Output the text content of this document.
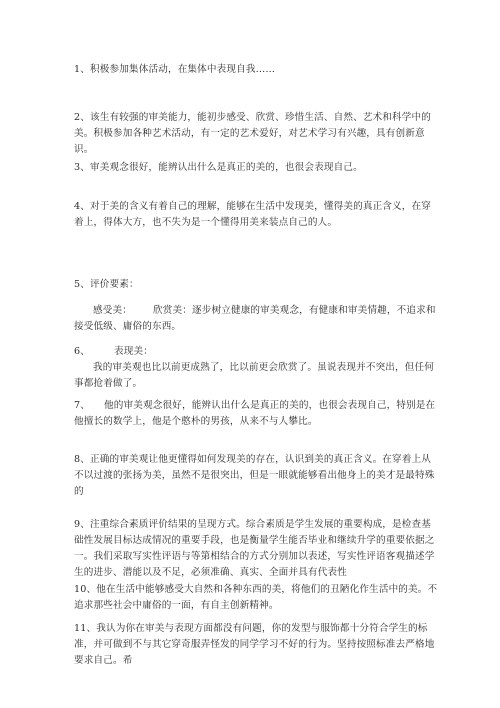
1、积极参加集体活动，在集体中表现自我……

2、该生有较强的审美能力，能初步感受、欣赏、珍惜生活、自然、艺术和科学中的美。积极参加各种艺术活动，有一定的艺术爱好，对艺术学习有兴趣，具有创新意识。

3、审美观念很好，能辨认出什么是真正的美的，也很会表现自己。

4、对于美的含义有着自己的理解，能够在生活中发现美，懂得美的真正含义，在穿着上，得体大方，也不失为是一个懂得用美来装点自己的人。

5、评价要素：

感受美： 欣赏美：逐步树立健康的审美观念，有健康和审美情趣，不追求和接受低级、庸俗的东西。
6、	表现美：

我的审美观也比以前更成熟了，比以前更会欣赏了。虽说表现并不突出，但任何事都抢着做了。

7、 他的审美观念很好，能辨认出什么是真正的美的，也很会表现自己，特别是在他擅长的数学上，他是个憨朴的男孩，从来不与人攀比。

8、正确的审美观让他更懂得如何发现美的存在，认识到美的真正含义。在穿着上从不以过渡的张扬为美，虽然不是很突出，但是一眼就能够看出他身上的美才是最特殊的

9、注重综合素质评价结果的呈现方式。综合素质是学生发展的重要构成，是检查基础性发展目标达成情况的重要手段，也是衡量学生能否毕业和继续升学的重要依据之一。我们采取写实性评语与等第相结合的方式分别加以表述，写实性评语客观描述学生的进步、潜能以及不足，必须准确、真实、全面并具有代表性

10、他在生活中能够感受大自然和各种东西的美，将他们的丑陋化作生活中的美。不追求那些社会中庸俗的一面，有自主创新精神。

11、我认为你在审美与表现方面都没有问题，你的发型与服饰都十分符合学生的标准，并可做到不与其它穿奇服弄怪发的同学学习不好的行为。坚持按照标准去严格地要求自己。希
